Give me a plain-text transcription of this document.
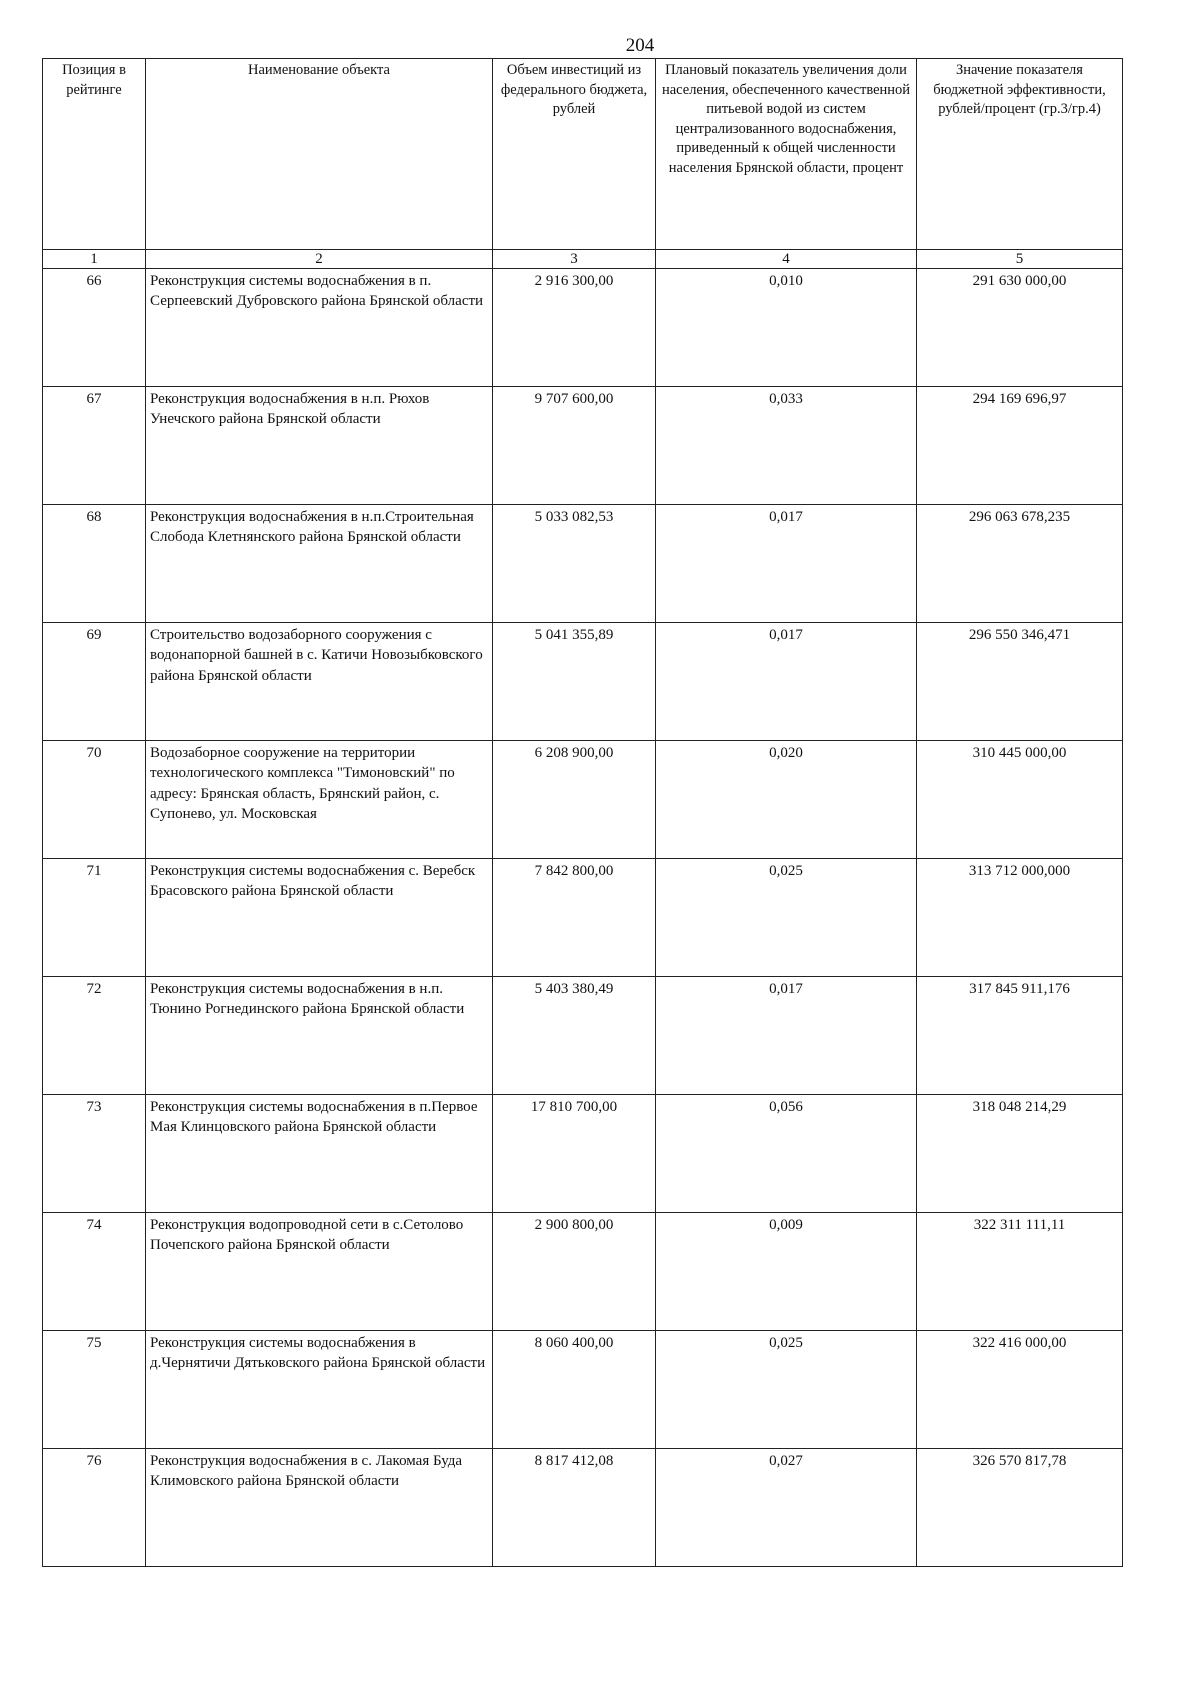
204
Позиция в рейтинге	Наименование объекта	Объем инвестиций из федерального бюджета, рублей	Плановый показатель увеличения доли населения, обеспеченного качественной питьевой водой из систем централизованного водоснабжения, приведенный к общей численности населения Брянской области, процент	Значение показателя бюджетной эффективности, рублей/процент (гр.3/гр.4)
1	2	3	4	5
66	Реконструкция системы водоснабжения в п. Серпеевский Дубровского района Брянской области	2 916 300,00	0,010	291 630 000,00
67	Реконструкция водоснабжения в н.п. Рюхов Унечского района Брянской области	9 707 600,00	0,033	294 169 696,97
68	Реконструкция водоснабжения в н.п.Строительная Слобода Клетнянского района Брянской области	5 033 082,53	0,017	296 063 678,235
69	Строительство водозаборного сооружения с водонапорной башней в с. Катичи Новозыбковского района Брянской области	5 041 355,89	0,017	296 550 346,471
70	Водозаборное сооружение на территории технологического комплекса "Тимоновский" по адресу: Брянская область, Брянский район, с. Супонево, ул. Московская	6 208 900,00	0,020	310 445 000,00
71	Реконструкция системы водоснабжения с. Веребск Брасовского района Брянской области	7 842 800,00	0,025	313 712 000,000
72	Реконструкция системы водоснабжения в н.п. Тюнино Рогнединского района Брянской области	5 403 380,49	0,017	317 845 911,176
73	Реконструкция системы водоснабжения в п.Первое Мая Клинцовского района Брянской области	17 810 700,00	0,056	318 048 214,29
74	Реконструкция водопроводной сети в с.Сетолово Почепского района Брянской области	2 900 800,00	0,009	322 311 111,11
75	Реконструкция системы водоснабжения в д.Чернятичи Дятьковского района Брянской области	8 060 400,00	0,025	322 416 000,00
76	Реконструкция водоснабжения в с. Лакомая Буда Климовского района Брянской области	8 817 412,08	0,027	326 570 817,78
